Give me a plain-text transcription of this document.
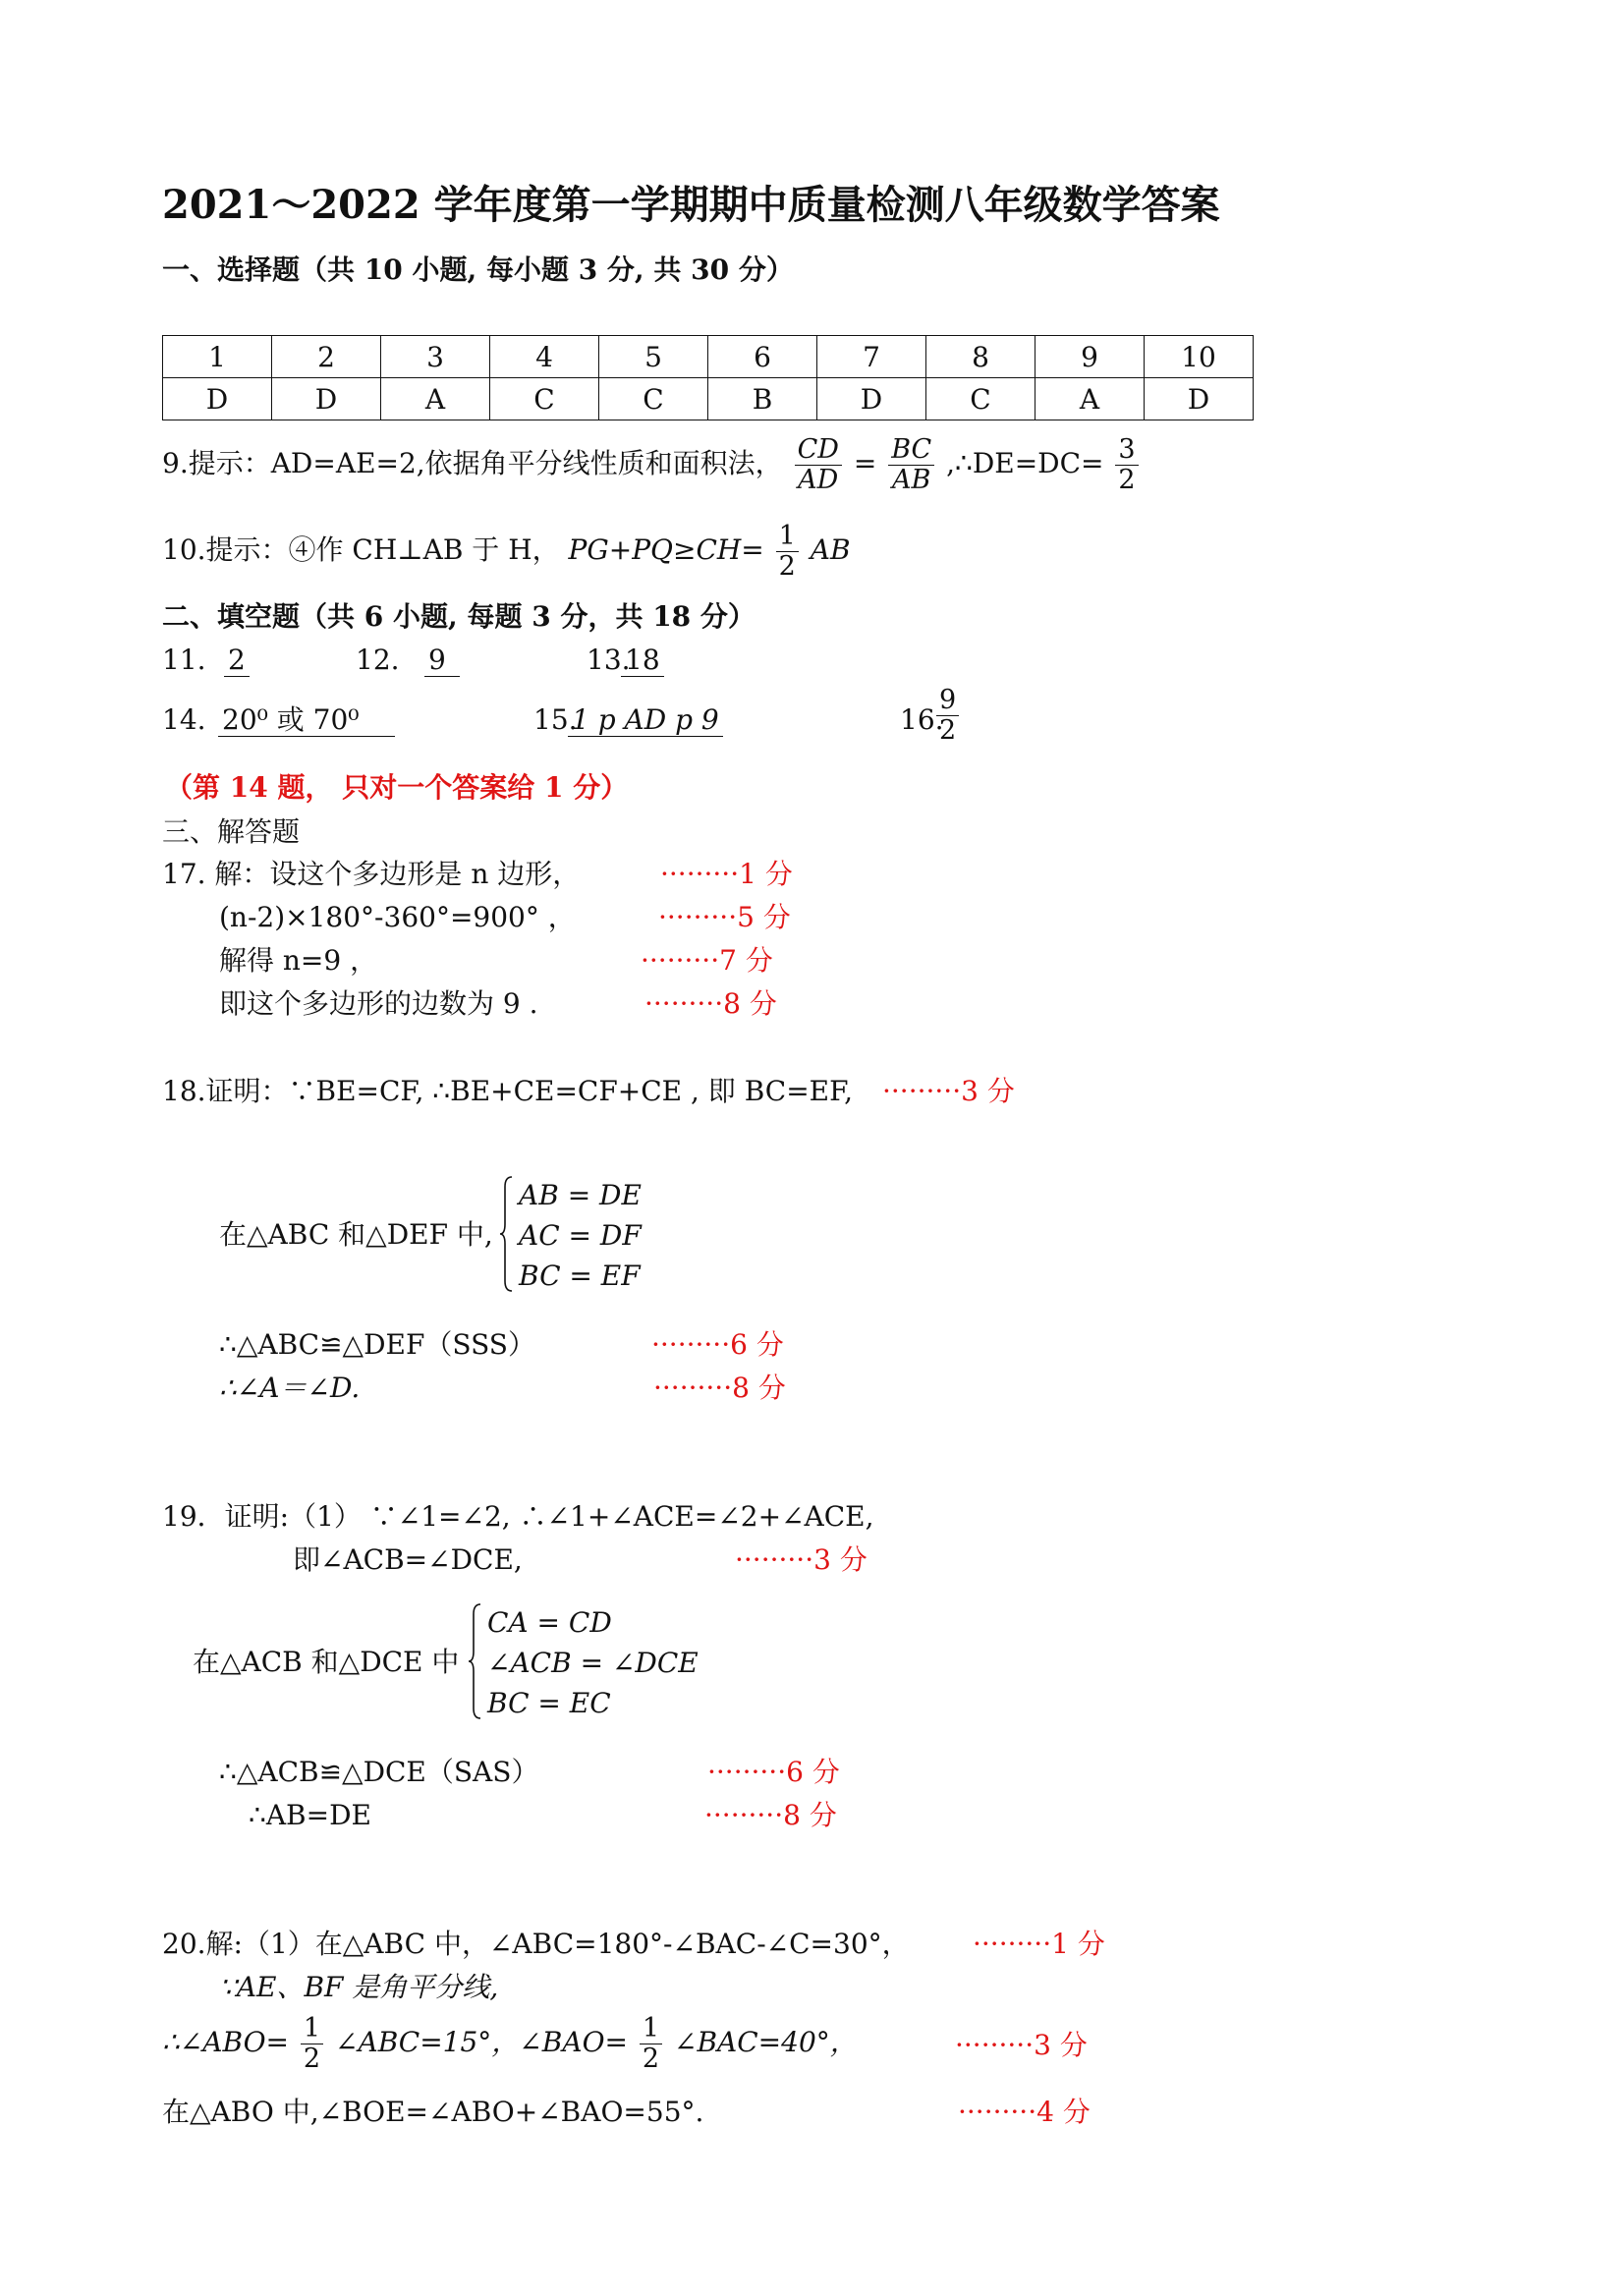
2021～2022 学年度第一学期期中质量检测八年级数学答案
一、选择题（共 10 小题, 每小题 3 分, 共 30 分）
1	2	3	4	5	6	7	8	9	10
D	D	A	C	C	B	D	C	A	D
9.提示：AD=AE=2,依据角平分线性质和面积法， $\frac{CD}{AD} = \frac{BC}{AB}$ ,∴DE=DC= $\frac{3}{2}$
10.提示：④作 CH⊥AB 于 H， $PG+PQ\ge CH= \frac{1}{2}$ AB
二、填空题（共 6 小题, 每题 3 分，共 18 分）
11. 2	12. 9	13.
18
14. 20⁰ 或 70⁰	15.
1 p AD p 9	16.
$\frac{9}{2}$
（第 14 题， 只对一个答案给 1 分）
三、解答题
17. 解：设这个多边形是 n 边形，
(n-2)×180°-360°=900° ，
解得 n=9 ，
即这个多边形的边数为 9 .
·········1 分
·········5 分
·········7 分
·········8 分
18.证明：∵BE=CF, ∴BE+CE=CF+CE , 即 BC=EF, ·········3 分
在△ABC 和△DEF 中,
AB = DE
AC = DF
BC = EF
∴△ABC≌△DEF（SSS）	·········6 分
∴∠A＝∠D.	·········8 分
19．证明:（1） ∵∠1=∠2, ∴∠1+∠ACE=∠2+∠ACE,
即∠ACB=∠DCE,	·········3 分
在△ACB 和△DCE 中
CA = CD
∠ACB = ∠DCE
BC = EC
∴△ACB≌△DCE（SAS）	·········6 分
∴AB=DE	·········8 分
20.解:（1）在△ABC 中，∠ABC=180°-∠BAC-∠C=30°， ·········1 分
∵AE、BF 是角平分线,
∴∠ABO= $\frac{1}{2}$ ∠ABC=15°，∠BAO= $\frac{1}{2}$ ∠BAC=40°，	·········3 分
在△ABO 中,∠BOE=∠ABO+∠BAO=55°.	·········4 分
